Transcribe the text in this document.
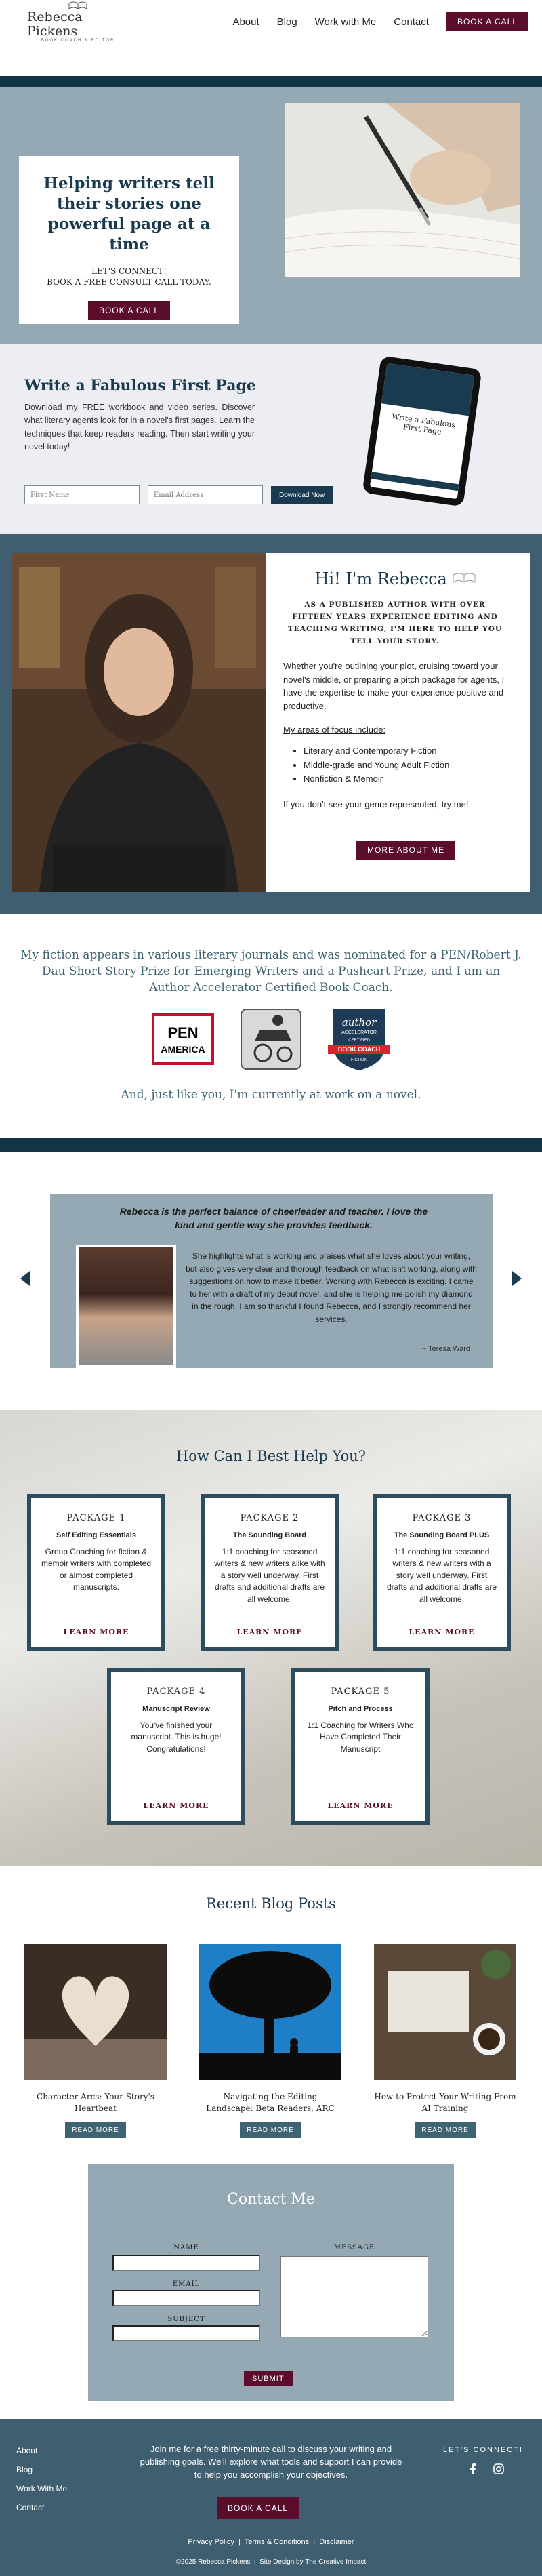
Rebecca Pickens
BOOK COACH & EDITOR
About Blog Work with Me Contact	BOOK A CALL
Helping writers tell their stories one powerful page at a time
LET'S CONNECT!
BOOK A FREE CONSULT CALL TODAY.
BOOK A CALL
Write a Fabulous First Page
Download my FREE workbook and video series. Discover what literary agents look for in a novel's first pages. Learn the techniques that keep readers reading. Then start writing your novel today!
First Name
Email Address
Download Now
Write a Fabulous First Page
Hi! I'm Rebecca
AS A PUBLISHED AUTHOR WITH OVER FIFTEEN YEARS EXPERIENCE EDITING AND TEACHING WRITING, I'M HERE TO HELP YOU TELL YOUR STORY.
Whether you're outlining your plot, cruising toward your novel's middle, or preparing a pitch package for agents, I have the expertise to make your experience positive and productive.
My areas of focus include:
• Literary and Contemporary Fiction
• Middle-grade and Young Adult Fiction
• Nonfiction & Memoir
If you don't see your genre represented, try me!
MORE ABOUT ME
My fiction appears in various literary journals and was nominated for a PEN/Robert J. Dau Short Story Prize for Emerging Writers and a Pushcart Prize, and I am an Author Accelerator Certified Book Coach.
PEN
AMERICA
author
ACCELERATOR
CERTIFIED
BOOK COACH
FICTION
And, just like you, I'm currently at work on a novel.
Rebecca is the perfect balance of cheerleader and teacher. I love the kind and gentle way she provides feedback.
She highlights what is working and praises what she loves about your writing, but also gives very clear and thorough feedback on what isn't working, along with suggestions on how to make it better. Working with Rebecca is exciting. I came to her with a draft of my debut novel, and she is helping me polish my diamond in the rough. I am so thankful I found Rebecca, and I strongly recommend her services.
~ Teresa Ward
How Can I Best Help You?
PACKAGE 1
Self Editing Essentials
Group Coaching for fiction & memoir writers with completed or almost completed manuscripts.
LEARN MORE
PACKAGE 2
The Sounding Board
1:1 coaching for seasoned writers & new writers alike with a story well underway. First drafts and additional drafts are all welcome.
LEARN MORE
PACKAGE 3
The Sounding Board PLUS
1:1 coaching for seasoned writers & new writers with a story well underway. First drafts and additional drafts are all welcome.
LEARN MORE
PACKAGE 4
Manuscript Review
You've finished your manuscript. This is huge! Congratulations!
LEARN MORE
PACKAGE 5
Pitch and Process
1:1 Coaching for Writers Who Have Completed Their Manuscript
LEARN MORE
Recent Blog Posts
Character Arcs: Your Story's Heartbeat
READ MORE
Navigating the Editing Landscape: Beta Readers, ARC
READ MORE
How to Protect Your Writing From AI Training
READ MORE
Contact Me
NAME
EMAIL
SUBJECT
MESSAGE
SUBMIT
About
Blog
Work With Me
Contact
Join me for a free thirty-minute call to discuss your writing and publishing goals. We'll explore what tools and support I can provide to help you accomplish your objectives.
BOOK A CALL
LET'S CONNECT!
Privacy Policy  |  Terms & Conditions  |  Disclaimer
©2025 Rebecca Pickens  |  Site Design by The Creative Impact
